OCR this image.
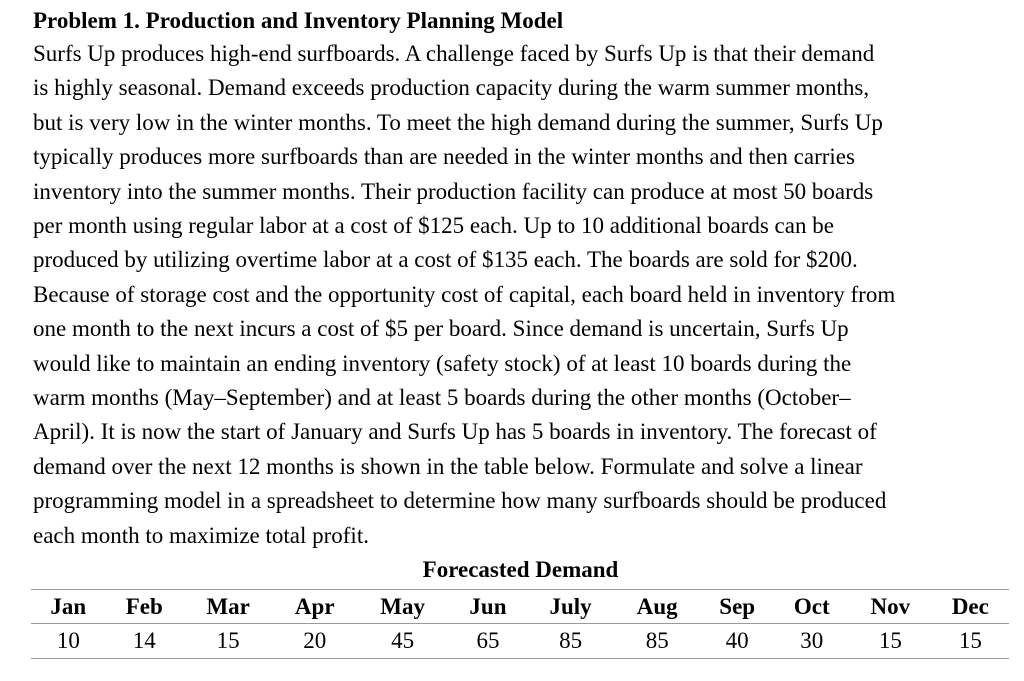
Problem 1. Production and Inventory Planning Model

Surfs Up produces high-end surfboards. A challenge faced by Surfs Up is that their demand
is highly seasonal. Demand exceeds production capacity during the warm summer months,
but is very low in the winter months. To meet the high demand during the summer, Surfs Up
typically produces more surfboards than are needed in the winter months and then carries
inventory into the summer months. Their production facility can produce at most 50 boards
per month using regular labor at a cost of $125 each. Up to 10 additional boards can be
produced by utilizing overtime labor at a cost of $135 each. The boards are sold for $200.
Because of storage cost and the opportunity cost of capital, each board held in inventory from
one month to the next incurs a cost of $5 per board. Since demand is uncertain, Surfs Up
would like to maintain an ending inventory (safety stock) of at least 10 boards during the
warm months (May–September) and at least 5 boards during the other months (October–
April). It is now the start of January and Surfs Up has 5 boards in inventory. The forecast of
demand over the next 12 months is shown in the table below. Formulate and solve a linear
programming model in a spreadsheet to determine how many surfboards should be produced
each month to maximize total profit.

Forecasted Demand
Jan	Feb	Mar	Apr	May	Jun	July	Aug	Sep	Oct	Nov	Dec
10	14	15	20	45	65	85	85	40	30	15	15
